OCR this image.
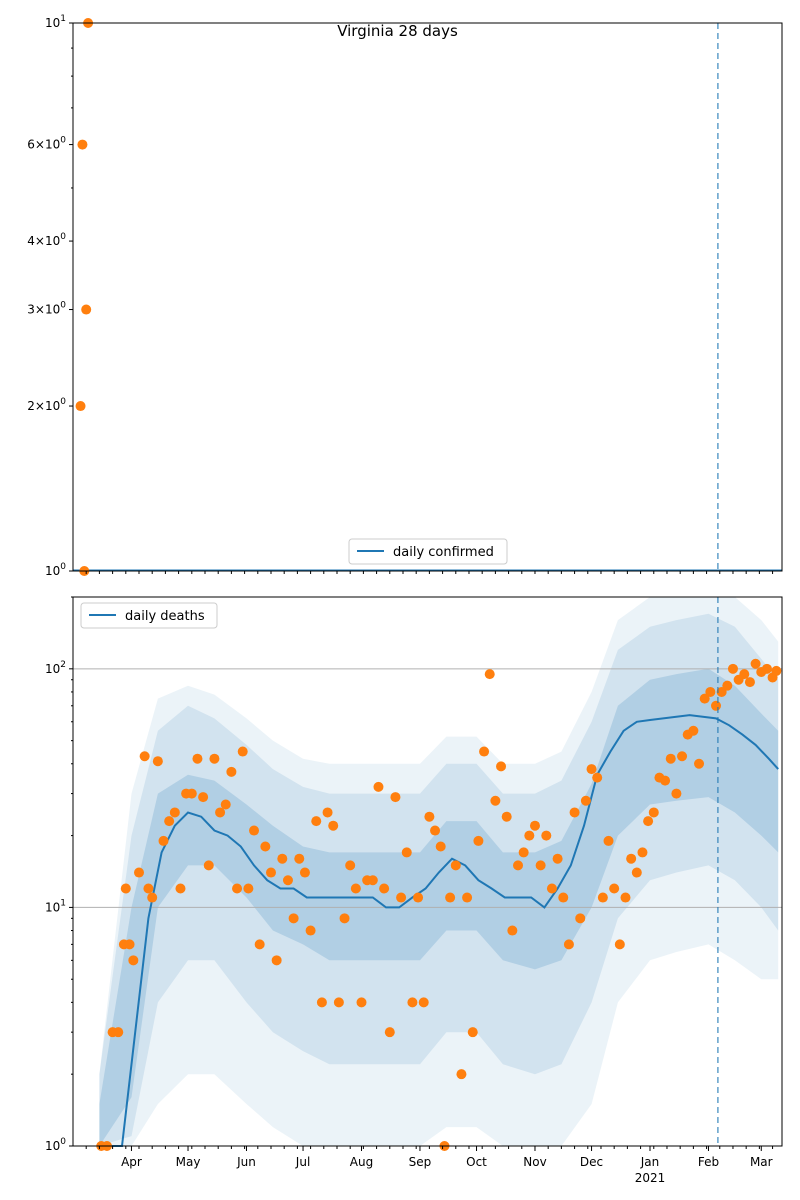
$10^0$
$2\times 10^0$
$3\times 10^0$
$4\times 10^0$
$6\times 10^0$
$10^1$
Virginia 28 days
daily confirmed
$10^0$
$10^1$
$10^2$
Apr	May	Jun	Jul	Aug	Sep	Oct	Nov	Dec	Jan	Feb	Mar
2021
daily deaths
